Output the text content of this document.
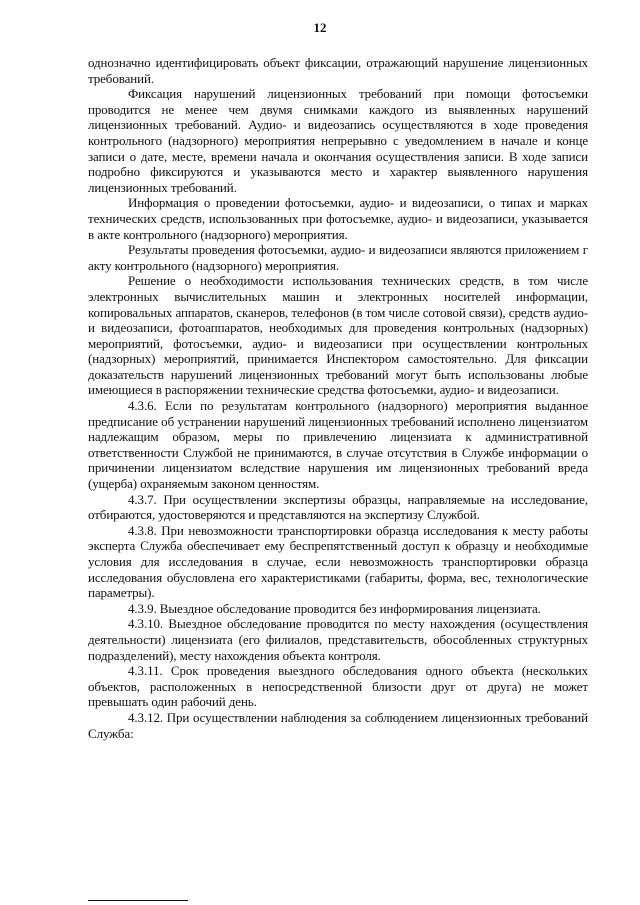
12

однозначно идентифицировать объект фиксации, отражающий нарушение лицензионных требований.

Фиксация нарушений лицензионных требований при помощи фотосъемки проводится не менее чем двумя снимками каждого из выявленных нарушений лицензионных требований. Аудио- и видеозапись осуществляются в ходе проведения контрольного (надзорного) мероприятия непрерывно с уведомлением в начале и конце записи о дате, месте, времени начала и окончания осуществления записи. В ходе записи подробно фиксируются и указываются место и характер выявленного нарушения лицензионных требований.

Информация о проведении фотосъемки, аудио- и видеозаписи, о типах и марках технических средств, использованных при фотосъемке, аудио- и видеозаписи, указывается в акте контрольного (надзорного) мероприятия.

Результаты проведения фотосъемки, аудио- и видеозаписи являются приложением г акту контрольного (надзорного) мероприятия.

Решение о необходимости использования технических средств, в том числе электронных вычислительных машин и электронных носителей информации, копировальных аппаратов, сканеров, телефонов (в том числе сотовой связи), средств аудио- и видеозаписи, фотоаппаратов, необходимых для проведения контрольных (надзорных) мероприятий, фотосъемки, аудио- и видеозаписи при осуществлении контрольных (надзорных) мероприятий, принимается Инспектором самостоятельно. Для фиксации доказательств нарушений лицензионных требований могут быть использованы любые имеющиеся в распоряжении технические средства фотосъемки, аудио- и видеозаписи.

4.3.6. Если по результатам контрольного (надзорного) мероприятия выданное предписание об устранении нарушений лицензионных требований исполнено лицензиатом надлежащим образом, меры по привлечению лицензиата к административной ответственности Службой не принимаются, в случае отсутствия в Службе информации о причинении лицензиатом вследствие нарушения им лицензионных требований вреда (ущерба) охраняемым законом ценностям.

4.3.7. При осуществлении экспертизы образцы, направляемые на исследование, отбираются, удостоверяются и представляются на экспертизу Службой.

4.3.8. При невозможности транспортировки образца исследования к месту работы эксперта Служба обеспечивает ему беспрепятственный доступ к образцу и необходимые условия для исследования в случае, если невозможность транспортировки образца исследования обусловлена его характеристиками (габариты, форма, вес, технологические параметры).

4.3.9. Выездное обследование проводится без информирования лицензиата.

4.3.10. Выездное обследование проводится по месту нахождения (осуществления деятельности) лицензиата (его филиалов, представительств, обособленных структурных подразделений), месту нахождения объекта контроля.

4.3.11. Срок проведения выездного обследования одного объекта (нескольких объектов, расположенных в непосредственной близости друг от друга) не может превышать один рабочий день.

4.3.12. При осуществлении наблюдения за соблюдением лицензионных требований Служба:
